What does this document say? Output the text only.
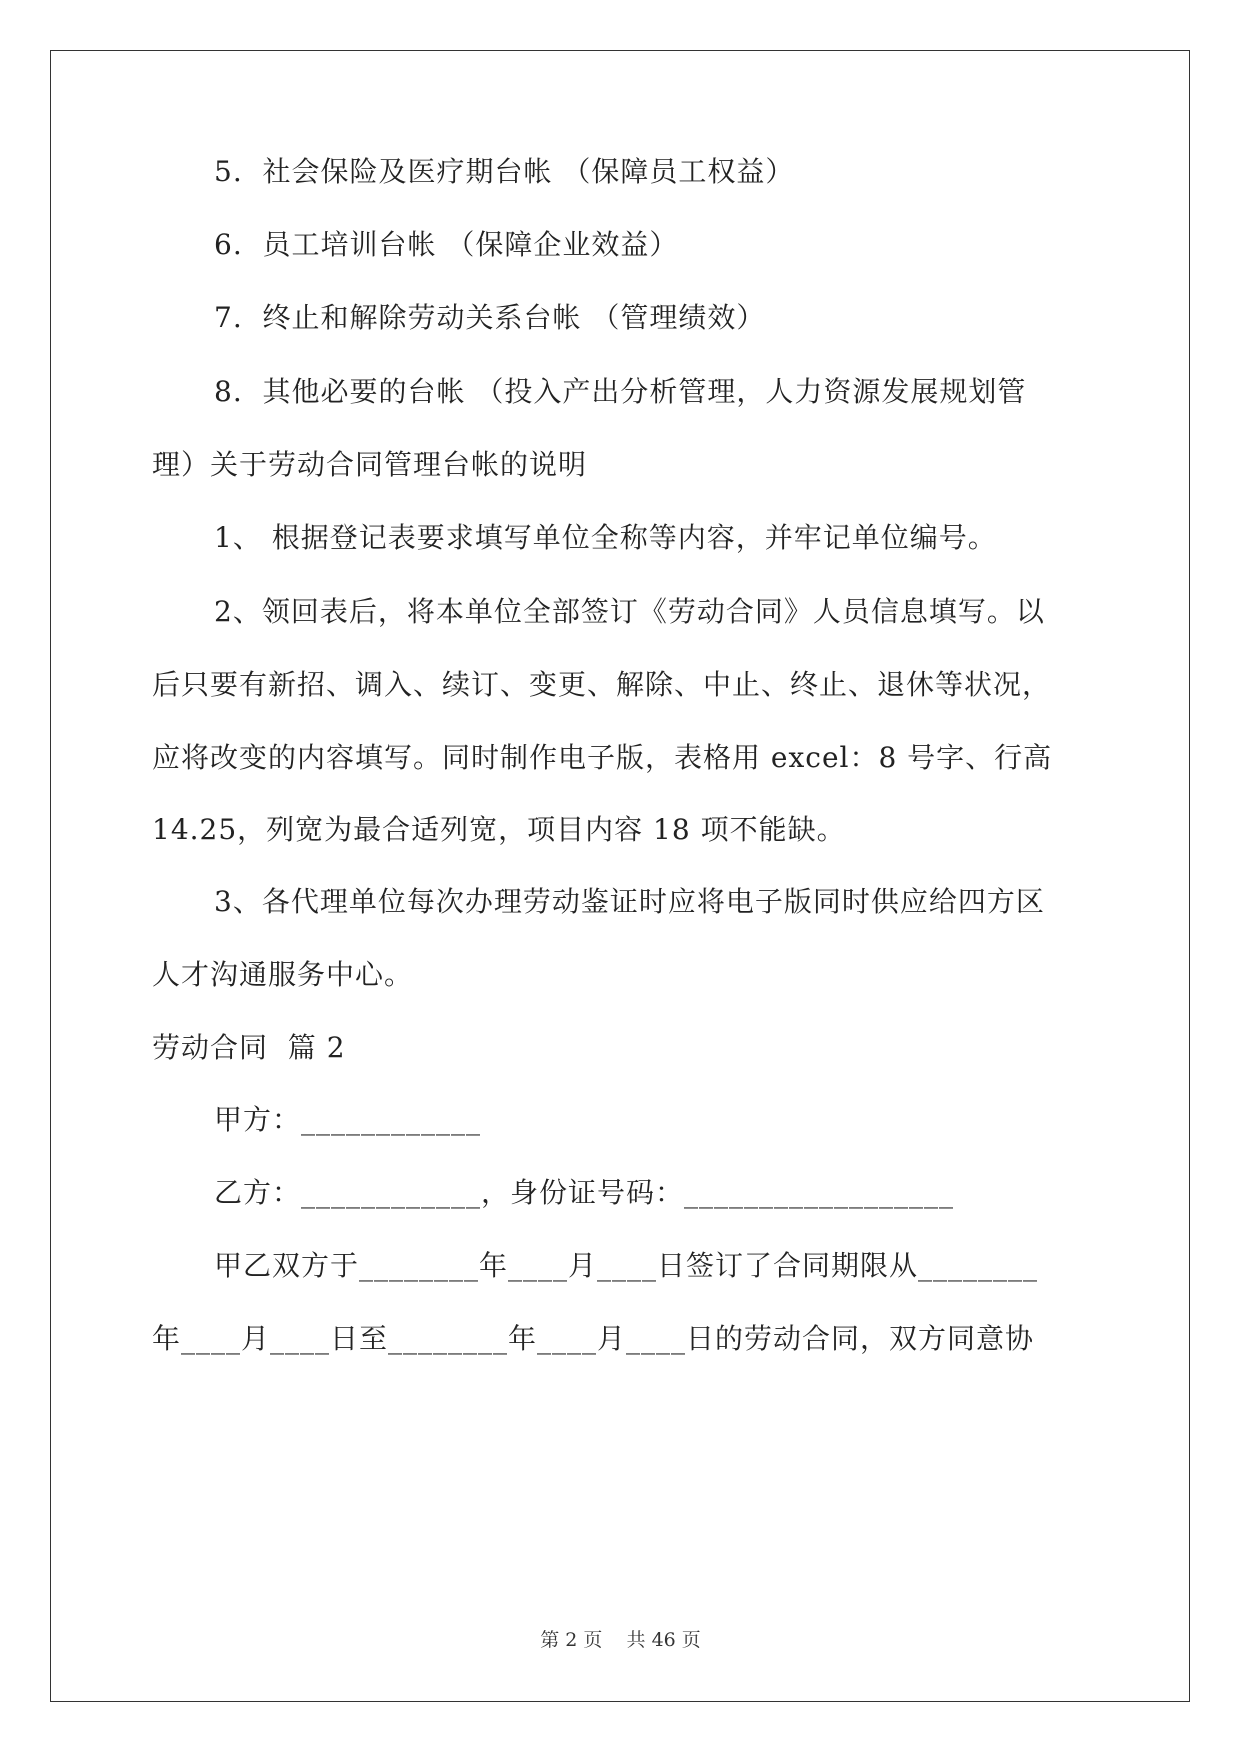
5.  社会保险及医疗期台帐 （保障员工权益）
6.  员工培训台帐 （保障企业效益）
7.  终止和解除劳动关系台帐 （管理绩效）
8.  其他必要的台帐 （投入产出分析管理，人力资源发展规划管
理）关于劳动合同管理台帐的说明
1、 根据登记表要求填写单位全称等内容，并牢记单位编号。
2、领回表后，将本单位全部签订《劳动合同》人员信息填写。以
后只要有新招、调入、续订、变更、解除、中止、终止、退休等状况，
应将改变的内容填写。同时制作电子版，表格用 excel：8 号字、行高
14.25，列宽为最合适列宽，项目内容 18 项不能缺。
3、各代理单位每次办理劳动鉴证时应将电子版同时供应给四方区
人才沟通服务中心。
劳动合同  篇 2
甲方：____________
乙方：____________，身份证号码：__________________
甲乙双方于________年____月____日签订了合同期限从________
年____月____日至________年____月____日的劳动合同，双方同意协
第 2 页    共 46 页
